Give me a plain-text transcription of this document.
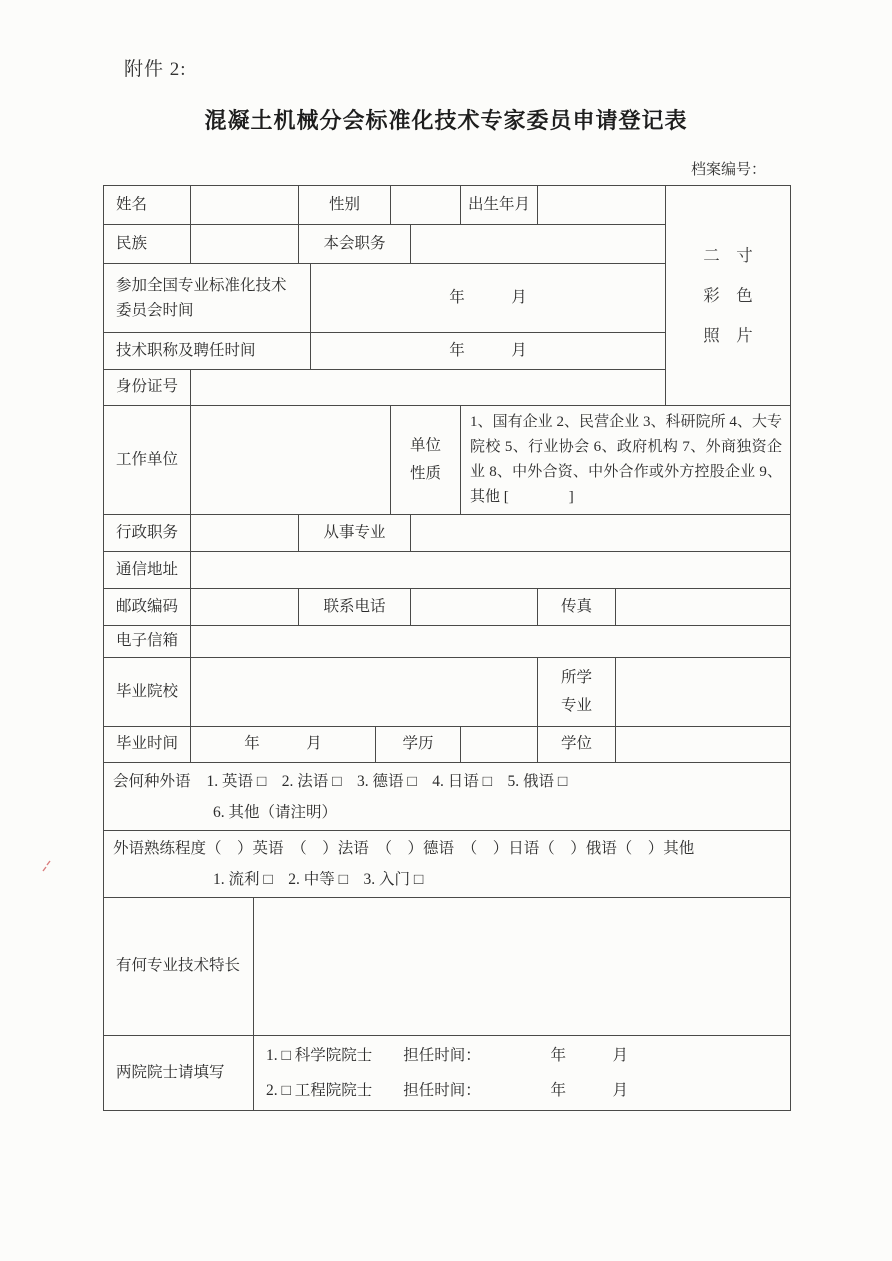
附件 2:
混凝土机械分会标准化技术专家委员申请登记表
档案编号：
姓名			性别					出生年月			二　寸
彩　色
照　片

民族			本会职务								

参加全国专业标准化技术
委员会时间				年　　　月							
技术职称及聘任时间				年　　　月							
身份证号											
工作单位						单位
性质		1、国有企业 2、民营企业 3、科研院所 4、大专院校 5、行业协会 6、政府机构 7、外商独资企业 8、中外合资、中外合作或外方控股企业 9、其他 [　　　　]			
行政职务			从事专业								
通信地址											
邮政编码			联系电话						传真		
电子信箱											
毕业院校									所学
专业		

毕业时间	年　　　月				学历				学位		

会何种外语 1. 英语 □　2. 法语 □　3. 德语 □　4. 日语 □　5. 俄语 □
6. 其他（请注明）											

外语熟练程度（　）英语　（　）法语　（　）德语　（　）日语（　）俄语（　）其他
1. 流利 □　2. 中等 □　3. 入门 □											

有何专业技术特长											
两院院士请填写		1. □ 科学院院士　　担任时间：　　　　　年　　　月
2. □ 工程院院士　　担任时间：　　　　　年　　　月									
